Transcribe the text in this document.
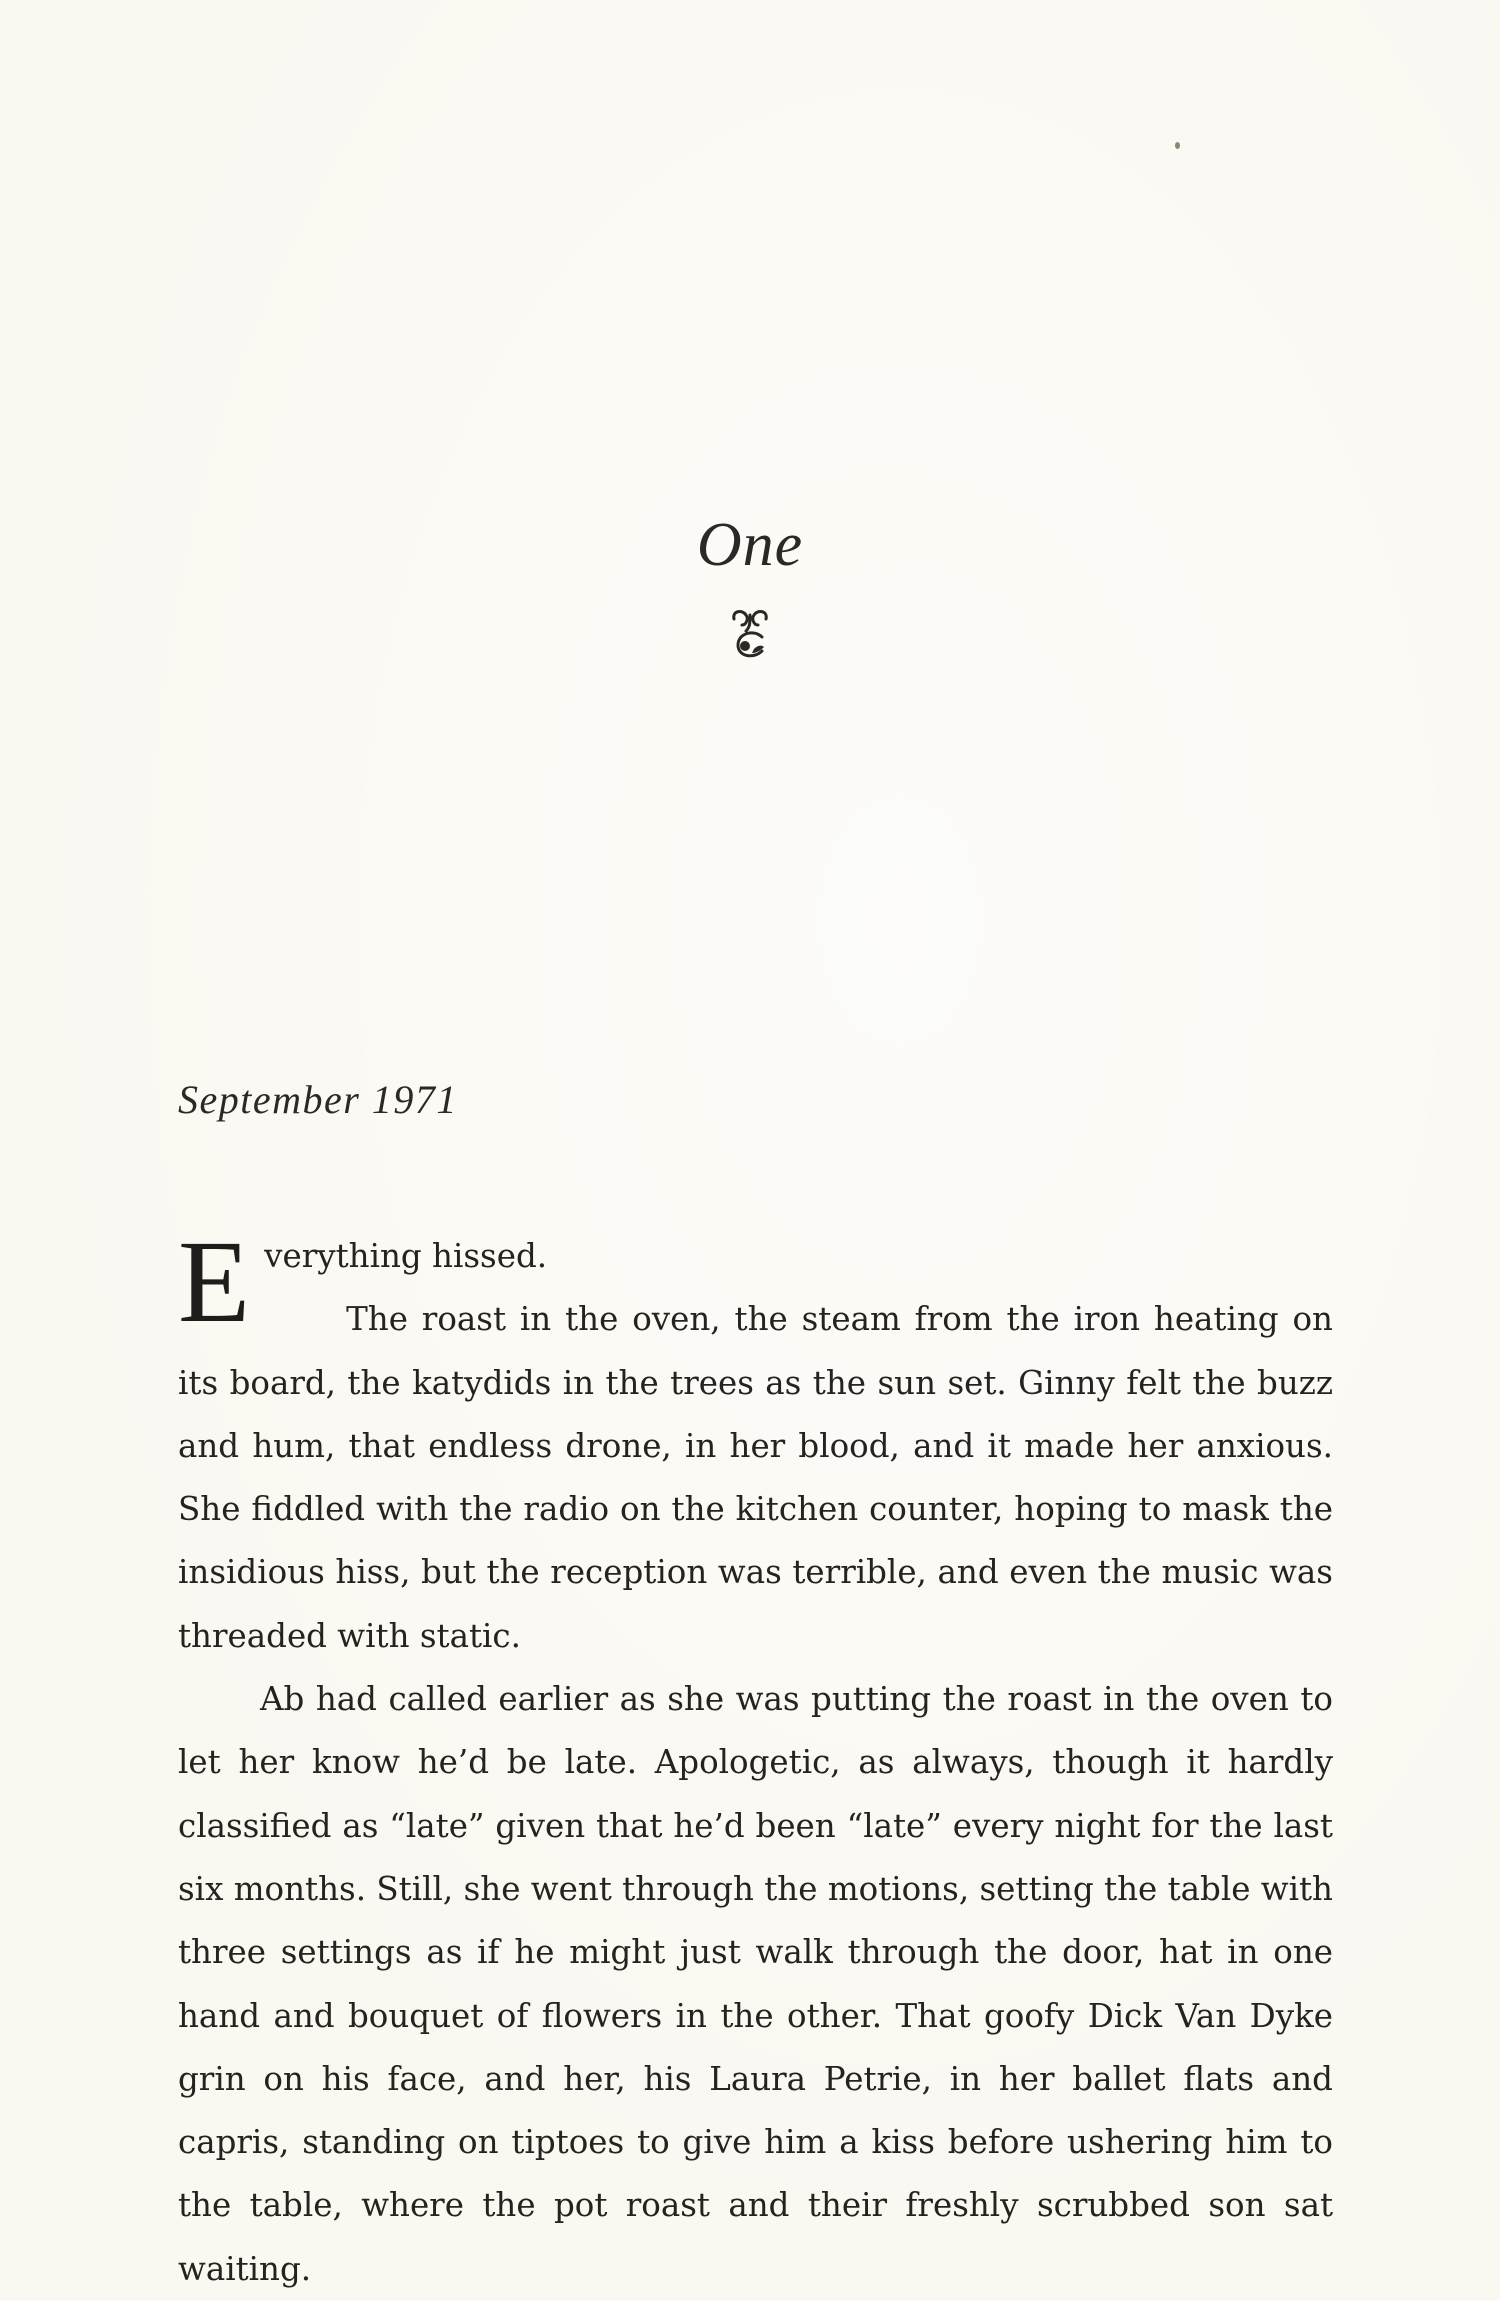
One
September 1971

Everything hissed.

The roast in the oven, the steam from the iron heating on its board, the katydids in the trees as the sun set. Ginny felt the buzz and hum, that endless drone, in her blood, and it made her anxious. She fiddled with the radio on the kitchen counter, hoping to mask the insidious hiss, but the reception was terrible, and even the music was threaded with static.

Ab had called earlier as she was putting the roast in the oven to let her know he’d be late. Apologetic, as always, though it hardly classified as “late” given that he’d been “late” every night for the last six months. Still, she went through the motions, setting the table with three settings as if he might just walk through the door, hat in one hand and bouquet of flowers in the other. That goofy Dick Van Dyke grin on his face, and her, his Laura Petrie, in her ballet flats and capris, standing on tiptoes to give him a kiss before ushering him to the table, where the pot roast and their freshly scrubbed son sat waiting.
